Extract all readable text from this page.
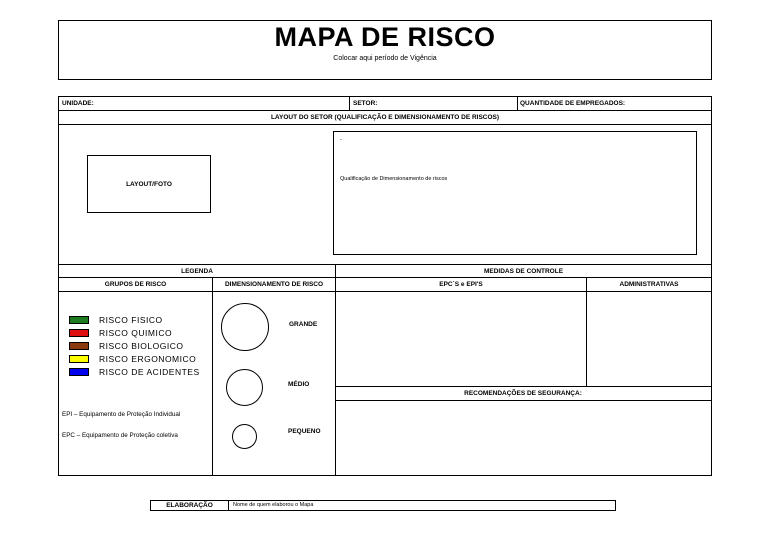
MAPA DE RISCO
Colocar aqui período de Vigência
UNIDADE:	SETOR:	QUANTIDADE DE EMPREGADOS:
LAYOUT DO SETOR (QUALIFICAÇÃO E DIMENSIONAMENTO DE RISCOS)
LAYOUT/FOTO
-
Qualificação de Dimensionamento de riscos
LEGENDA	MEDIDAS DE CONTROLE
GRUPOS DE RISCO	DIMENSIONAMENTO DE RISCO	EPC´S e EPI'S	ADMINISTRATIVAS
RISCO FISICO
RISCO QUIMICO
RISCO BIOLOGICO
RISCO ERGONOMICO
RISCO DE ACIDENTES
EPI – Equipamento de Proteção Individual
EPC – Equipamento de Proteção coletiva
GRANDE
MÉDIO
PEQUENO
RECOMENDAÇÕES DE SEGURANÇA:
ELABORAÇÃO	Nome de quem elaborou o Mapa
